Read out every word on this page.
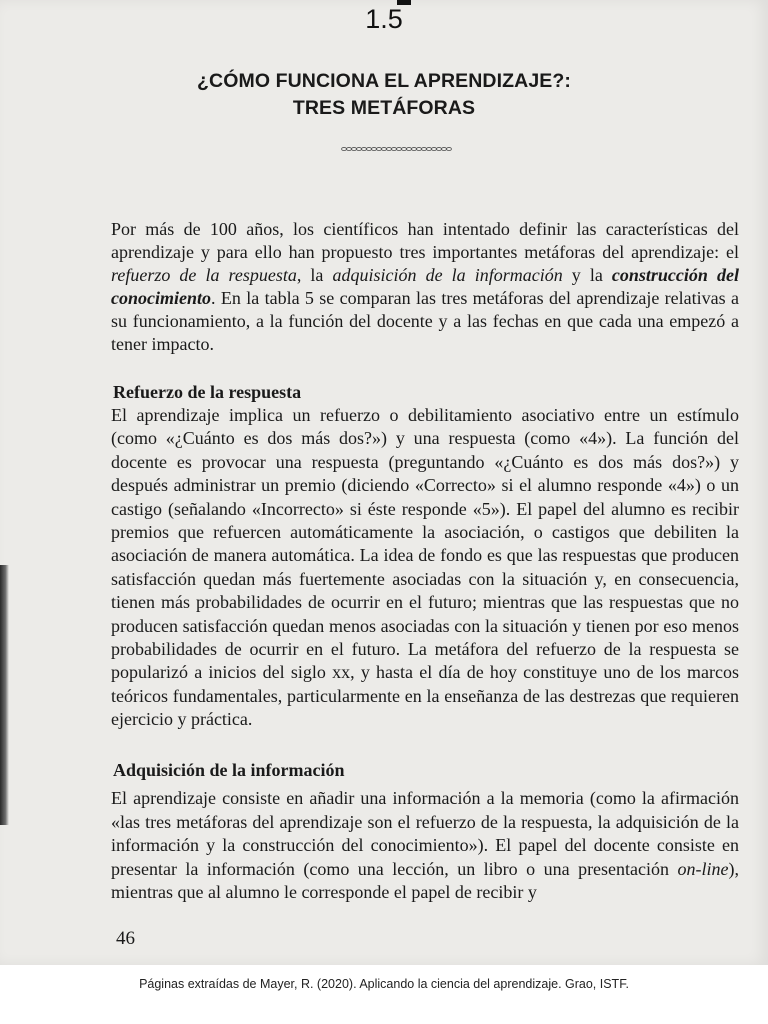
1.5
¿CÓMO FUNCIONA EL APRENDIZAJE?:
TRES METÁFORAS

Por más de 100 años, los científicos han intentado definir las características del aprendizaje y para ello han propuesto tres importantes metáforas del aprendizaje: el refuerzo de la respuesta, la adquisición de la información y la construcción del conocimiento. En la tabla 5 se comparan las tres metáforas del aprendizaje relativas a su funcionamiento, a la función del docente y a las fechas en que cada una empezó a tener impacto.

Refuerzo de la respuesta

El aprendizaje implica un refuerzo o debilitamiento asociativo entre un estímulo (como «¿Cuánto es dos más dos?») y una respuesta (como «4»). La función del docente es provocar una respuesta (preguntando «¿Cuánto es dos más dos?») y después administrar un premio (diciendo «Correcto» si el alumno responde «4») o un castigo (señalando «Incorrecto» si éste responde «5»). El papel del alumno es recibir premios que refuercen automáticamente la asociación, o castigos que debiliten la asociación de manera automática. La idea de fondo es que las respuestas que producen satisfacción quedan más fuertemente asociadas con la situación y, en consecuencia, tienen más probabilidades de ocurrir en el futuro; mientras que las respuestas que no producen satisfacción quedan menos asociadas con la situación y tienen por eso menos probabilidades de ocurrir en el futuro. La metáfora del refuerzo de la respuesta se popularizó a inicios del siglo xx, y hasta el día de hoy constituye uno de los marcos teóricos fundamentales, particularmente en la enseñanza de las destrezas que requieren ejercicio y práctica.

Adquisición de la información

El aprendizaje consiste en añadir una información a la memoria (como la afirmación «las tres metáforas del aprendizaje son el refuerzo de la respuesta, la adquisición de la información y la construcción del conocimiento»). El papel del docente consiste en presentar la información (como una lección, un libro o una presentación on-line), mientras que al alumno le corresponde el papel de recibir y

46
Páginas extraídas de Mayer, R. (2020). Aplicando la ciencia del aprendizaje. Grao, ISTF.
